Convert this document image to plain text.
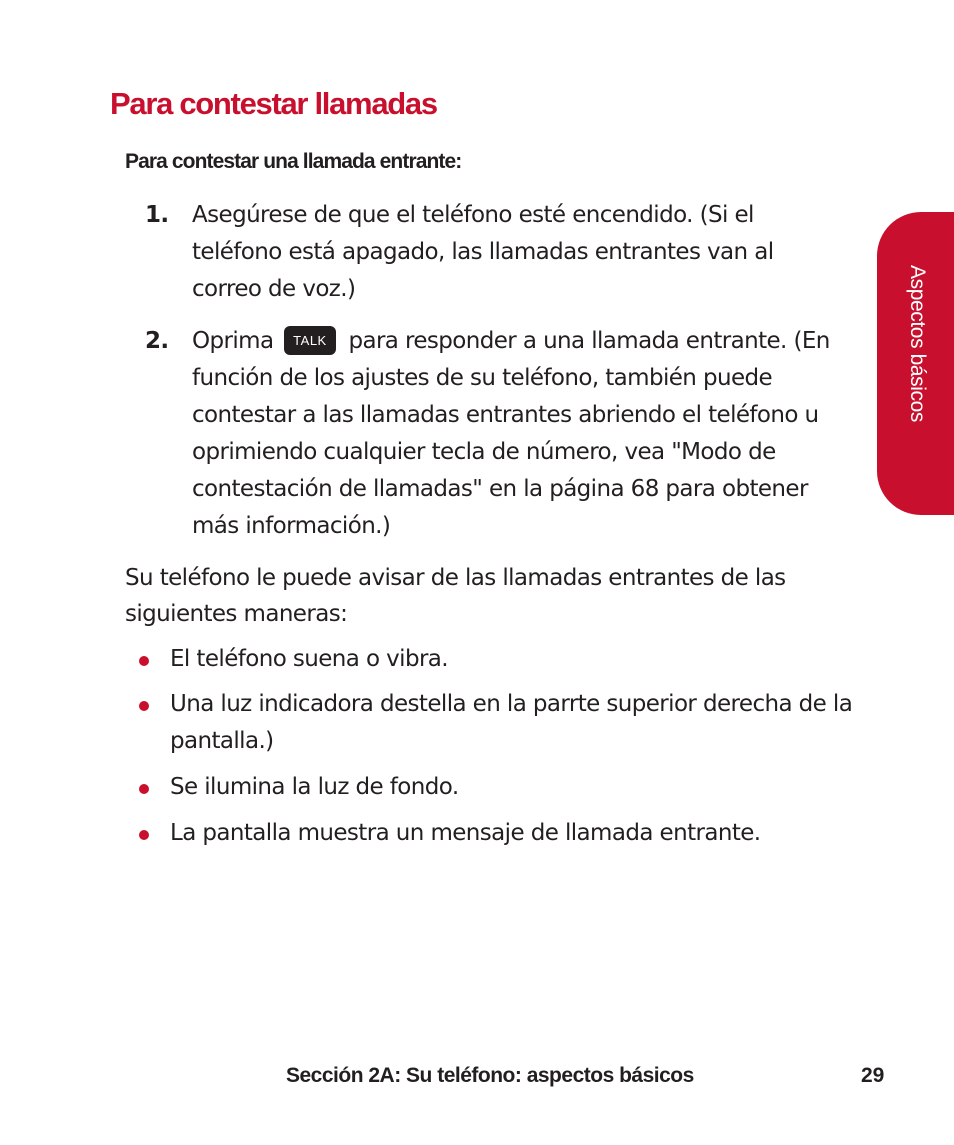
Para contestar llamadas
Para contestar una llamada entrante:
1. Asegúrese de que el teléfono esté encendido. (Si el teléfono está apagado, las llamadas entrantes van al correo de voz.)
2. Oprima TALK para responder a una llamada entrante. (En función de los ajustes de su teléfono, también puede contestar a las llamadas entrantes abriendo el teléfono u oprimiendo cualquier tecla de número, vea "Modo de contestación de llamadas" en la página 68 para obtener más información.)

Su teléfono le puede avisar de las llamadas entrantes de las siguientes maneras:

El teléfono suena o vibra.
Una luz indicadora destella en la parrte superior derecha de la pantalla.)
Se ilumina la luz de fondo.
La pantalla muestra un mensaje de llamada entrante.
Aspectos básicos
Sección 2A: Su teléfono: aspectos básicos	29
